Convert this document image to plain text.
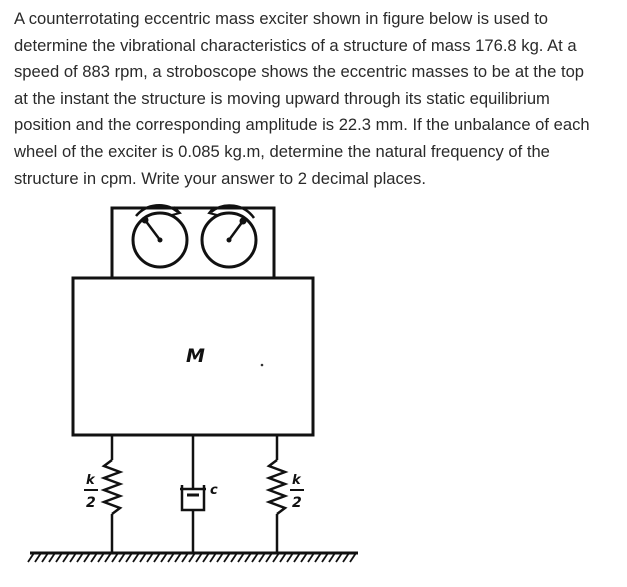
A counterrotating eccentric mass exciter shown in figure below is used to
determine the vibrational characteristics of a structure of mass 176.8 kg. At a
speed of 883 rpm, a stroboscope shows the eccentric masses to be at the top
at the instant the structure is moving upward through its static equilibrium
position and the corresponding amplitude is 22.3 mm. If the unbalance of each
wheel of the exciter is 0.085 kg.m, determine the natural frequency of the
structure in cpm. Write your answer to 2 decimal places.
M
k
2
c
k
2
